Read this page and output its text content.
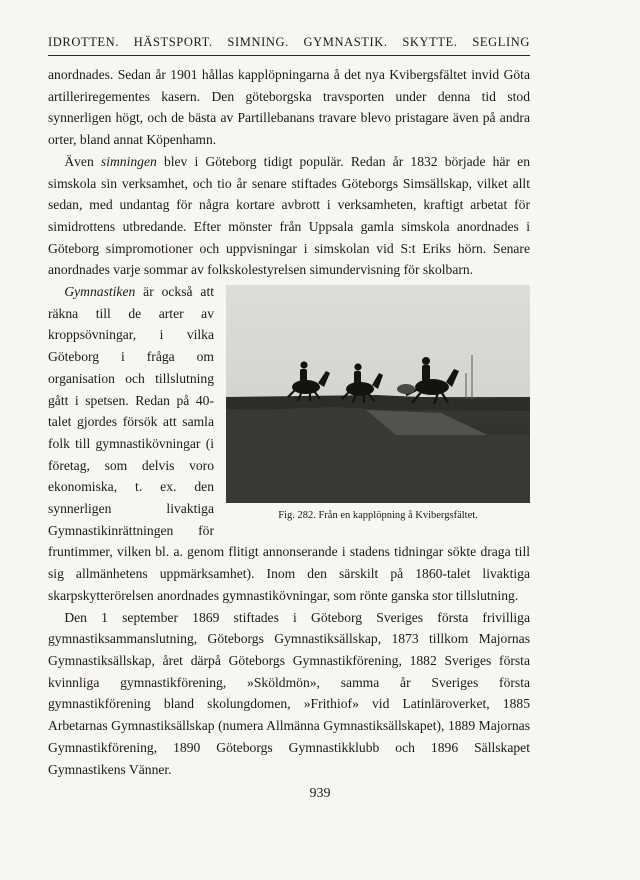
IDROTTEN. HÄSTSPORT. SIMNING. GYMNASTIK. SKYTTE. SEGLING

anordnades. Sedan år 1901 hållas kapplöpningarna å det nya Kvibergsfältet invid Göta artilleriregementes kasern. Den göteborgska travsporten under denna tid stod synnerligen högt, och de bästa av Partillebanans travare blevo pristagare även på andra orter, bland annat Köpenhamn.

Även simningen blev i Göteborg tidigt populär. Redan år 1832 började här en simskola sin verksamhet, och tio år senare stiftades Göteborgs Simsällskap, vilket allt sedan, med undantag för några kortare avbrott i verksamheten, kraftigt arbetat för simidrottens utbredande. Efter mönster från Uppsala gamla simskola anordnades i Göteborg simpromotioner och uppvisningar i simskolan vid S:t Eriks hörn. Senare anordnades varje sommar av folkskolestyrelsen simundervisning för skolbarn.

Fig. 282. Från en kapplöpning å Kvibergsfältet.

Gymnastiken är också att räkna till de arter av kroppsövningar, i vilka Göteborg i fråga om organisation och tillslutning gått i spetsen. Redan på 40-talet gjordes försök att samla folk till gymnastikövningar (i företag, som delvis voro ekonomiska, t. ex. den synnerligen livaktiga Gymnastikinrättningen för fruntimmer, vilken bl. a. genom flitigt annonserande i stadens tidningar sökte draga till sig allmänhetens uppmärksamhet). Inom den särskilt på 1860-talet livaktiga skarpskytterörelsen anordnades gymnastikövningar, som rönte ganska stor tillslutning.

Den 1 september 1869 stiftades i Göteborg Sveriges första frivilliga gymnastiksammanslutning, Göteborgs Gymnastiksällskap, 1873 tillkom Majornas Gymnastiksällskap, året därpå Göteborgs Gymnastikförening, 1882 Sveriges första kvinnliga gymnastikförening, »Sköldmön», samma år Sveriges första gymnastikförening bland skolungdomen, »Frithiof» vid Latinläroverket, 1885 Arbetarnas Gymnastiksällskap (numera Allmänna Gymnastiksällskapet), 1889 Majornas Gymnastikförening, 1890 Göteborgs Gymnastikklubb och 1896 Sällskapet Gymnastikens Vänner.

939
